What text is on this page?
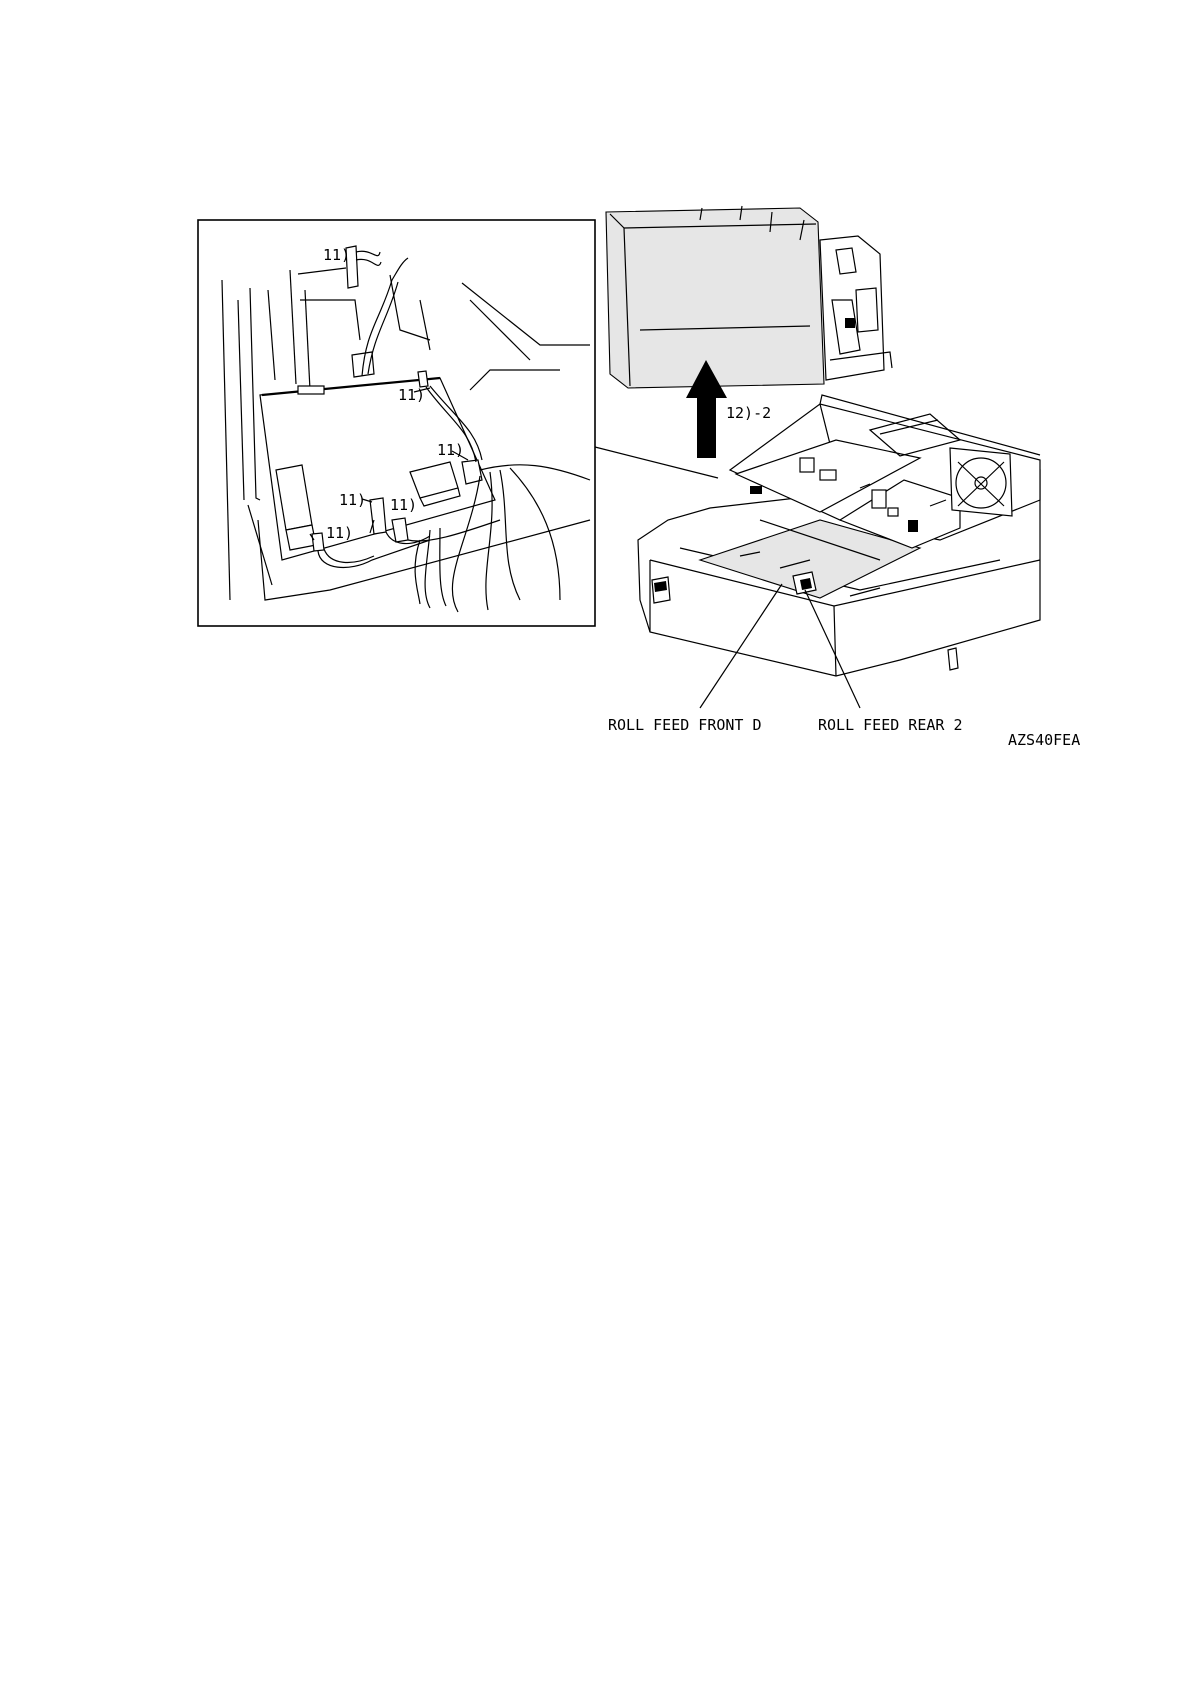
11)
11)
11)
11) 11)
11)
12)-2
ROLL FEED FRONT D	ROLL FEED REAR 2
AZS40FEA
